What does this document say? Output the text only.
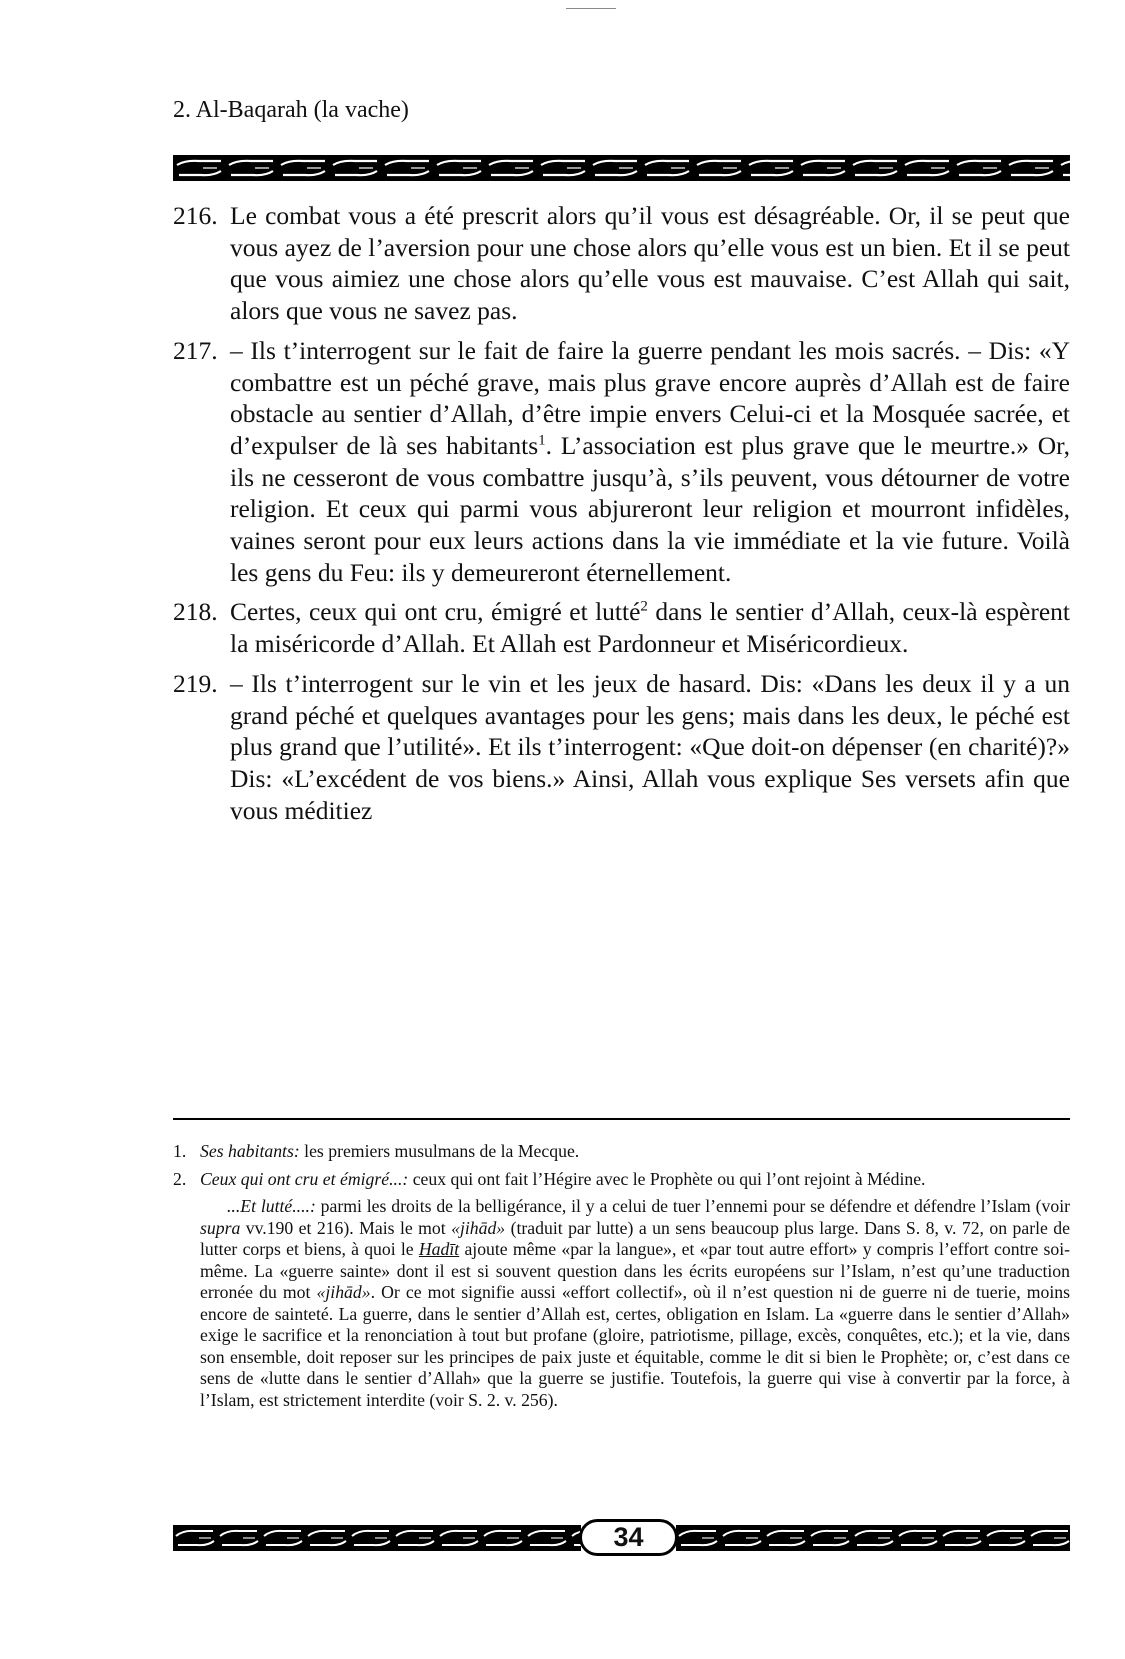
2. Al-Baqarah (la vache)
216. Le combat vous a été prescrit alors qu’il vous est désagréable. Or, il se peut que vous ayez de l’aversion pour une chose alors qu’elle vous est un bien. Et il se peut que vous aimiez une chose alors qu’elle vous est mauvaise. C’est Allah qui sait, alors que vous ne savez pas.
217. – Ils t’interrogent sur le fait de faire la guerre pendant les mois sacrés. – Dis: «Y combattre est un péché grave, mais plus grave encore auprès d’Allah est de faire obstacle au sentier d’Allah, d’être impie envers Celui-ci et la Mosquée sacrée, et d’expulser de là ses habitants$^1$. L’association est plus grave que le meurtre.» Or, ils ne cesseront de vous combattre jusqu’à, s’ils peuvent, vous détourner de votre religion. Et ceux qui parmi vous abjureront leur religion et mourront infidèles, vaines seront pour eux leurs actions dans la vie immédiate et la vie future. Voilà les gens du Feu: ils y demeureront éternellement.
218. Certes, ceux qui ont cru, émigré et lutté$^2$ dans le sentier d’Allah, ceux-là espèrent la miséricorde d’Allah. Et Allah est Pardonneur et Miséricordieux.
219. – Ils t’interrogent sur le vin et les jeux de hasard. Dis: «Dans les deux il y a un grand péché et quelques avantages pour les gens; mais dans les deux, le péché est plus grand que l’utilité». Et ils t’interrogent: «Que doit-on dépenser (en charité)?» Dis: «L’excédent de vos biens.» Ainsi, Allah vous explique Ses versets afin que vous méditiez
1. Ses habitants: les premiers musulmans de la Mecque.
2. Ceux qui ont cru et émigré...: ceux qui ont fait l’Hégire avec le Prophète ou qui l’ont rejoint à Médine.
...Et lutté....: parmi les droits de la belligérance, il y a celui de tuer l’ennemi pour se défendre et défendre l’Islam (voir supra vv.190 et 216). Mais le mot «jihād» (traduit par lutte) a un sens beaucoup plus large. Dans S. 8, v. 72, on parle de lutter corps et biens, à quoi le Hadīt ajoute même «par la langue», et «par tout autre effort» y compris l’effort contre soi-même. La «guerre sainte» dont il est si souvent question dans les écrits européens sur l’Islam, n’est qu’une traduction erronée du mot «jihād». Or ce mot signifie aussi «effort collectif», où il n’est question ni de guerre ni de tuerie, moins encore de sainteté. La guerre, dans le sentier d’Allah est, certes, obligation en Islam. La «guerre dans le sentier d’Allah» exige le sacrifice et la renonciation à tout but profane (gloire, patriotisme, pillage, excès, conquêtes, etc.); et la vie, dans son ensemble, doit reposer sur les principes de paix juste et équitable, comme le dit si bien le Prophète; or, c’est dans ce sens de «lutte dans le sentier d’Allah» que la guerre se justifie. Toutefois, la guerre qui vise à convertir par la force, à l’Islam, est strictement interdite (voir S. 2. v. 256).
34
